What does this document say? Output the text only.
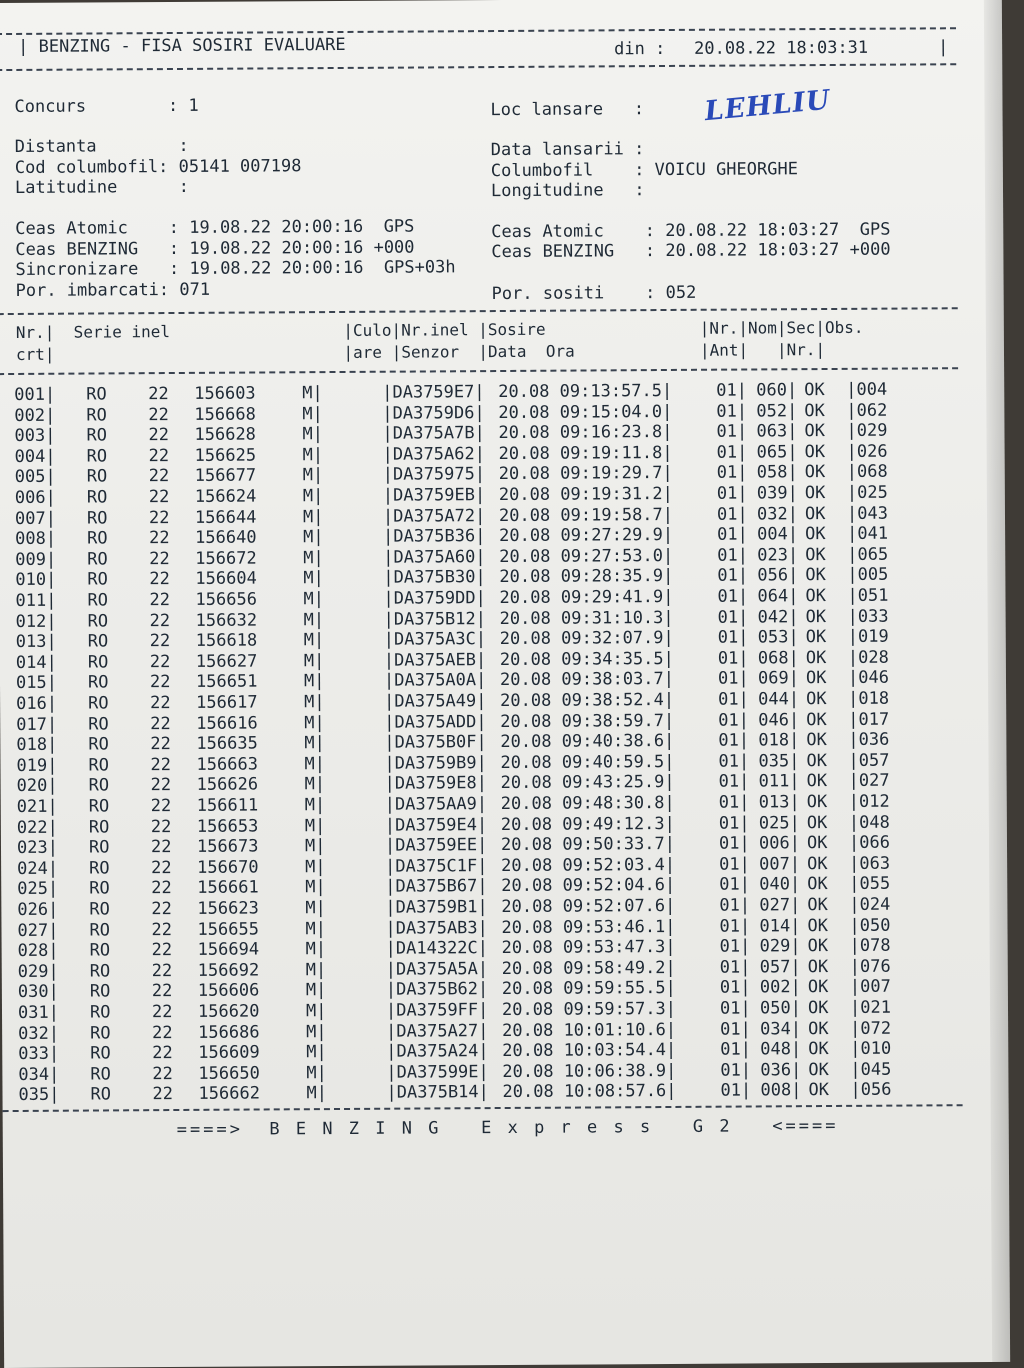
| BENZING - FISA SOSIRI EVALUARE	din : 20.08.22 18:03:31	|
Concurs        : 1	Loc lansare   : LEHLIU
Distanta        :
Cod columbofil: 05141 007198
Latitudine      :
Data lansarii :
Columbofil    : VOICU GHEORGHE
Longitudine   :
Ceas Atomic    : 19.08.22 20:00:16  GPS
Ceas BENZING   : 19.08.22 20:00:16 +000
Sincronizare   : 19.08.22 20:00:16  GPS+03h
Por. imbarcati: 071
Ceas Atomic    : 20.08.22 18:03:27  GPS
Ceas BENZING   : 20.08.22 18:03:27 +000
Por. sositi    : 052
Nr.|  Serie inel                  |Culo|Nr.inel |Sosire                |Nr.|Nom|Sec|Obs.
crt|                              |are |Senzor  |Data  Ora             |Ant|   |Nr.|
001| RO 22 156603	M|	|DA3759E7| 20.08 09:13:57.5|	01| 060| OK |004
002| RO 22 156668	M|	|DA3759D6| 20.08 09:15:04.0|	01| 052| OK |062
003| RO 22 156628	M|	|DA375A7B| 20.08 09:16:23.8|	01| 063| OK |029
004| RO 22 156625	M|	|DA375A62| 20.08 09:19:11.8|	01| 065| OK |026
005| RO 22 156677	M|	|DA375975| 20.08 09:19:29.7|	01| 058| OK |068
006| RO 22 156624	M|	|DA3759EB| 20.08 09:19:31.2|	01| 039| OK |025
007| RO 22 156644	M|	|DA375A72| 20.08 09:19:58.7|	01| 032| OK |043
008| RO 22 156640	M|	|DA375B36| 20.08 09:27:29.9|	01| 004| OK |041
009| RO 22 156672	M|	|DA375A60| 20.08 09:27:53.0|	01| 023| OK |065
010| RO 22 156604	M|	|DA375B30| 20.08 09:28:35.9|	01| 056| OK |005
011| RO 22 156656	M|	|DA3759DD| 20.08 09:29:41.9|	01| 064| OK |051
012| RO 22 156632	M|	|DA375B12| 20.08 09:31:10.3|	01| 042| OK |033
013| RO 22 156618	M|	|DA375A3C| 20.08 09:32:07.9|	01| 053| OK |019
014| RO 22 156627	M|	|DA375AEB| 20.08 09:34:35.5|	01| 068| OK |028
015| RO 22 156651	M|	|DA375A0A| 20.08 09:38:03.7|	01| 069| OK |046
016| RO 22 156617	M|	|DA375A49| 20.08 09:38:52.4|	01| 044| OK |018
017| RO 22 156616	M|	|DA375ADD| 20.08 09:38:59.7|	01| 046| OK |017
018| RO 22 156635	M|	|DA375B0F| 20.08 09:40:38.6|	01| 018| OK |036
019| RO 22 156663	M|	|DA3759B9| 20.08 09:40:59.5|	01| 035| OK |057
020| RO 22 156626	M|	|DA3759E8| 20.08 09:43:25.9|	01| 011| OK |027
021| RO 22 156611	M|	|DA375AA9| 20.08 09:48:30.8|	01| 013| OK |012
022| RO 22 156653	M|	|DA3759E4| 20.08 09:49:12.3|	01| 025| OK |048
023| RO 22 156673	M|	|DA3759EE| 20.08 09:50:33.7|	01| 006| OK |066
024| RO 22 156670	M|	|DA375C1F| 20.08 09:52:03.4|	01| 007| OK |063
025| RO 22 156661	M|	|DA375B67| 20.08 09:52:04.6|	01| 040| OK |055
026| RO 22 156623	M|	|DA3759B1| 20.08 09:52:07.6|	01| 027| OK |024
027| RO 22 156655	M|	|DA375AB3| 20.08 09:53:46.1|	01| 014| OK |050
028| RO 22 156694	M|	|DA14322C| 20.08 09:53:47.3|	01| 029| OK |078
029| RO 22 156692	M|	|DA375A5A| 20.08 09:58:49.2|	01| 057| OK |076
030| RO 22 156606	M|	|DA375B62| 20.08 09:59:55.5|	01| 002| OK |007
031| RO 22 156620	M|	|DA3759FF| 20.08 09:59:57.3|	01| 050| OK |021
032| RO 22 156686	M|	|DA375A27| 20.08 10:01:10.6|	01| 034| OK |072
033| RO 22 156609	M|	|DA375A24| 20.08 10:03:54.4|	01| 048| OK |010
034| RO 22 156650	M|	|DA37599E| 20.08 10:06:38.9|	01| 036| OK |045
035| RO 22 156662	M|	|DA375B14| 20.08 10:08:57.6|	01| 008| OK |056
====>  B E N Z I N G   E x p r e s s   G 2   <====
